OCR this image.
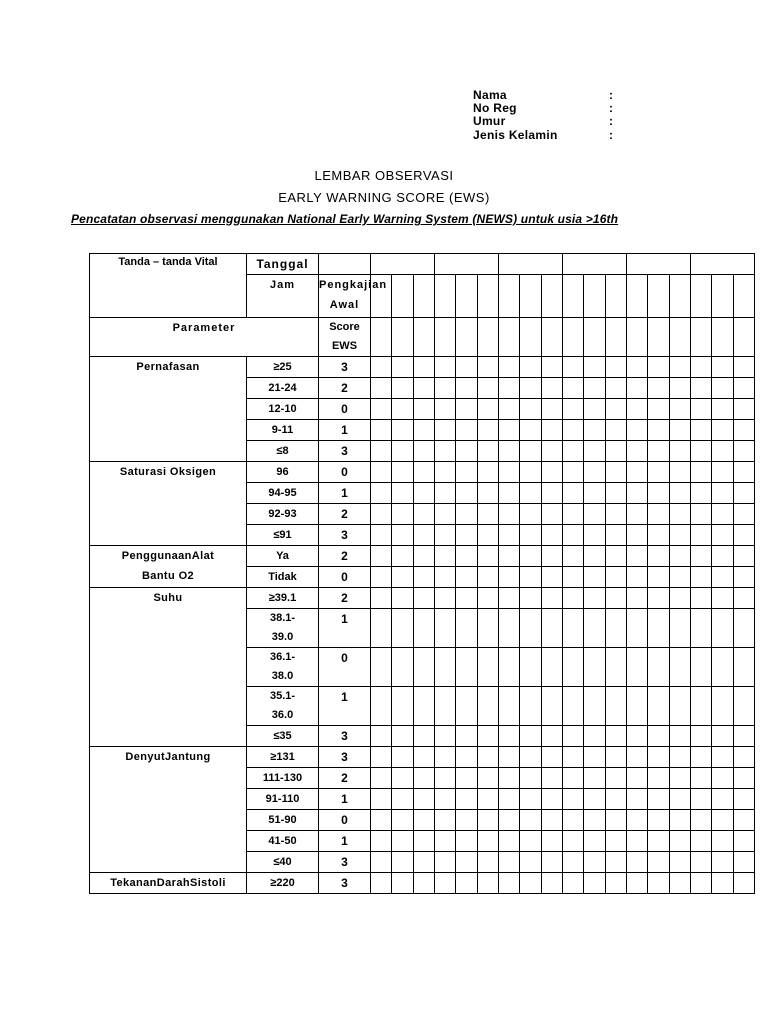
Nama	:
No Reg	:
Umur	:
Jenis Kelamin	:
LEMBAR OBSERVASI
EARLY WARNING SCORE (EWS)
Pencatatan observasi menggunakan National Early Warning System (NEWS) untuk usia >16th
Tanda – tanda Vital	Tanggal																			
	Jam	Pengkajian
Awal																		

Parameter		Score
EWS																		

Pernafasan	≥25	3																		

	21-24	2																		

	12-10	0																		

	9-11	1																		

	≤8	3																		

Saturasi Oksigen	96	0																		

	94-95	1																		

	92-93	2																		

	≤91	3																		

PenggunaanAlat
Bantu O2	Ya	2																		

	Tidak	0																		

Suhu	≥39.1	2																		

	38.1-
39.0	1																		

	36.1-
38.0	0																		

	35.1-
36.0	1																		

	≤35	3																		

DenyutJantung	≥131	3																		

	111-130	2																		

	91-110	1																		

	51-90	0																		

	41-50	1																		

	≤40	3																		

TekananDarahSistoli	≥220	3																		
